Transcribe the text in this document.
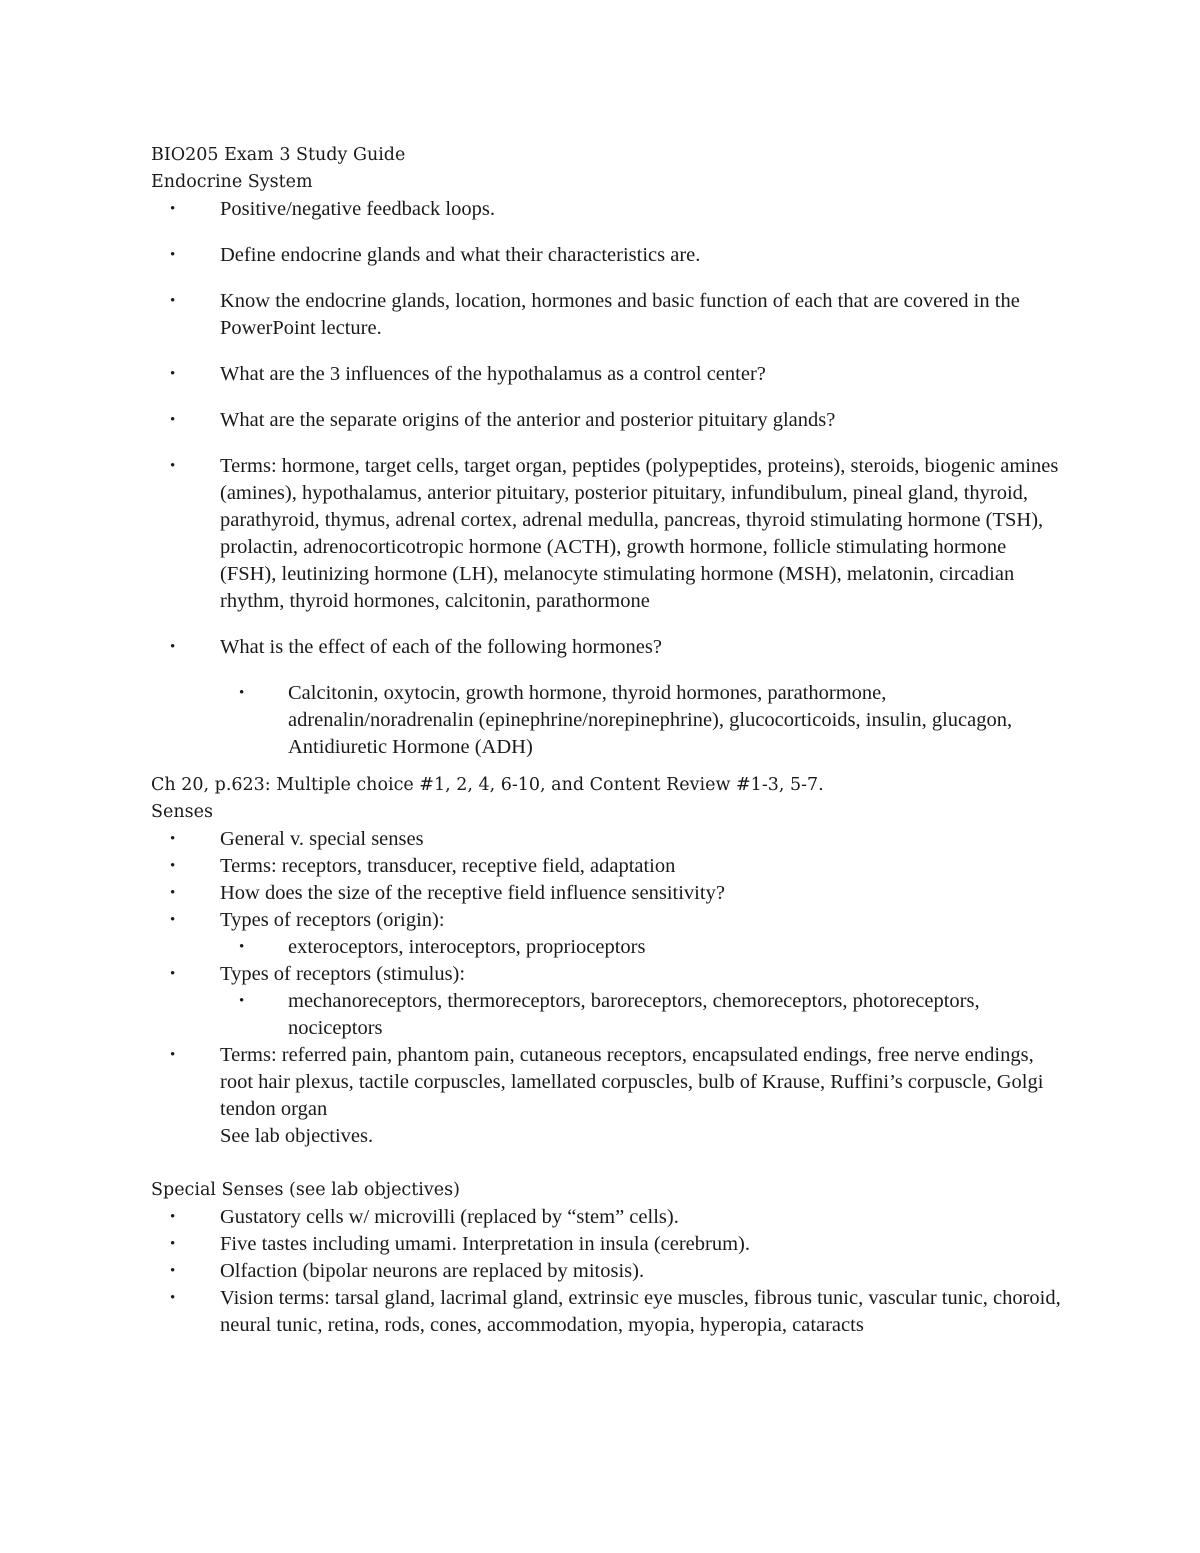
BIO205 Exam 3 Study Guide

Endocrine System

• Positive/negative feedback loops.
• Define endocrine glands and what their characteristics are.
• Know the endocrine glands, location, hormones and basic function of each that are covered in the PowerPoint lecture.
• What are the 3 influences of the hypothalamus as a control center?
• What are the separate origins of the anterior and posterior pituitary glands?
• Terms: hormone, target cells, target organ, peptides (polypeptides, proteins), steroids, biogenic amines (amines), hypothalamus, anterior pituitary, posterior pituitary, infundibulum, pineal gland, thyroid, parathyroid, thymus, adrenal cortex, adrenal medulla, pancreas, thyroid stimulating hormone (TSH), prolactin, adrenocorticotropic hormone (ACTH), growth hormone, follicle stimulating hormone (FSH), leutinizing hormone (LH), melanocyte stimulating hormone (MSH), melatonin, circadian rhythm, thyroid hormones, calcitonin, parathormone
• What is the effect of each of the following hormones?
• Calcitonin, oxytocin, growth hormone, thyroid hormones, parathormone, adrenalin/noradrenalin (epinephrine/norepinephrine), glucocorticoids, insulin, glucagon, Antidiuretic Hormone (ADH)

Ch 20, p.623: Multiple choice #1, 2, 4, 6-10, and Content Review #1-3, 5-7.

Senses

• General v. special senses
• Terms: receptors, transducer, receptive field, adaptation
• How does the size of the receptive field influence sensitivity?
• Types of receptors (origin):
• exteroceptors, interoceptors, proprioceptors
• Types of receptors (stimulus):
• mechanoreceptors, thermoreceptors, baroreceptors, chemoreceptors, photoreceptors, nociceptors
• Terms: referred pain, phantom pain, cutaneous receptors, encapsulated endings, free nerve endings, root hair plexus, tactile corpuscles, lamellated corpuscles, bulb of Krause, Ruffini’s corpuscle, Golgi tendon organ
See lab objectives.

Special Senses (see lab objectives)

• Gustatory cells w/ microvilli (replaced by “stem” cells).
• Five tastes including umami. Interpretation in insula (cerebrum).
• Olfaction (bipolar neurons are replaced by mitosis).
• Vision terms: tarsal gland, lacrimal gland, extrinsic eye muscles, fibrous tunic, vascular tunic, choroid, neural tunic, retina, rods, cones, accommodation, myopia, hyperopia, cataracts
